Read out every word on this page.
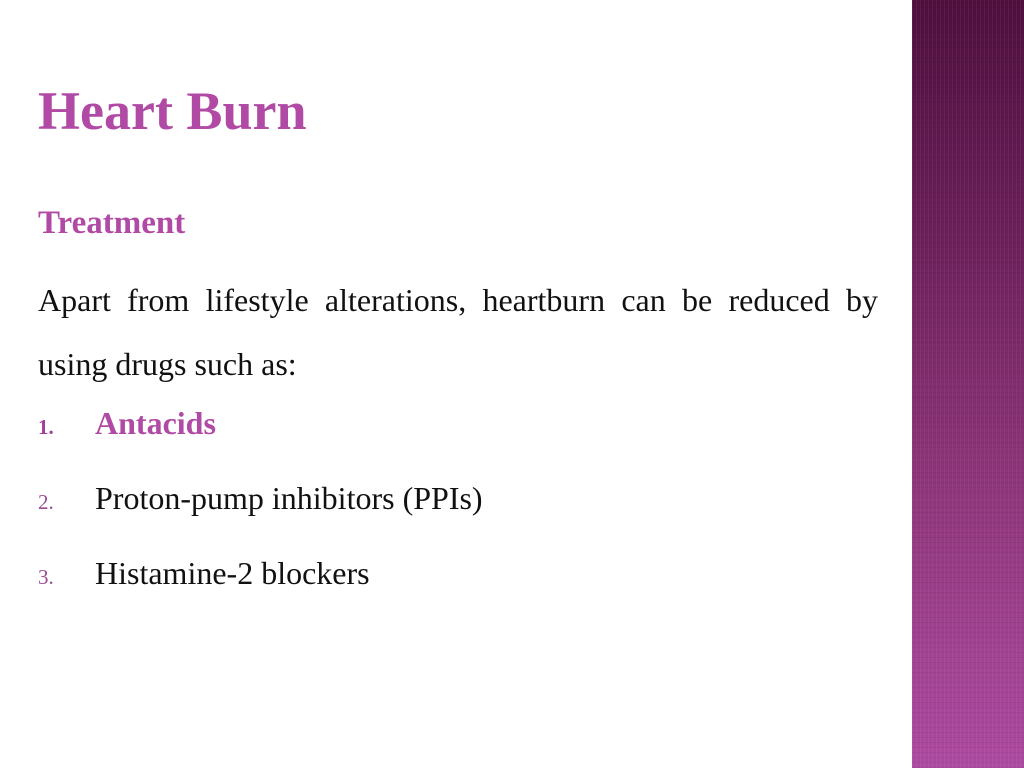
Heart Burn
Treatment

Apart from lifestyle alterations, heartburn can be reduced by using drugs such as:

1.	Antacids
2.	Proton-pump inhibitors (PPIs)
3.	Histamine-2 blockers
